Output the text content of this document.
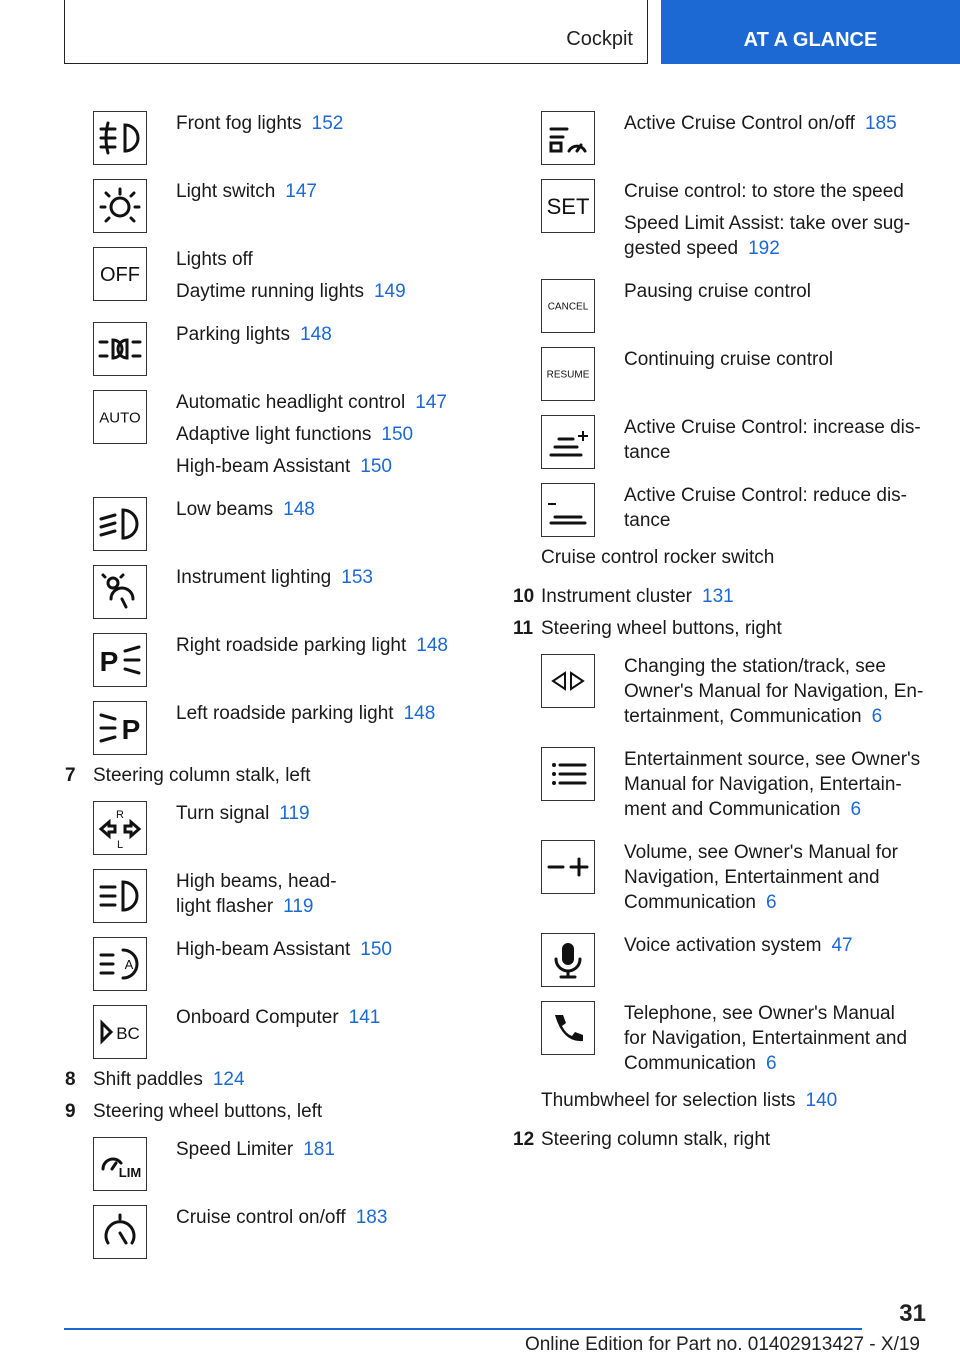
Cockpit	AT A GLANCE
Front fog lights 152
Light switch 147
OFF
Lights off
Daytime running lights 149
Parking lights 148
AUTO
Automatic headlight control 147
Adaptive light functions 150
High-beam Assistant 150
Low beams 148
Instrument lighting 153
P
Right roadside parking light 148
P
Left roadside parking light 148
7 Steering column stalk, left
R
L
Turn signal 119
High beams, head-
light flasher 119
A
High-beam Assistant 150
BC
Onboard Computer 141
8 Shift paddles 124
9 Steering wheel buttons, left
LIM
Speed Limiter 181
Cruise control on/off 183
Active Cruise Control on/off 185
SET
Cruise control: to store the speed
Speed Limit Assist: take over sug-
gested speed 192
CANCEL
Pausing cruise control
RESUME
Continuing cruise control
Active Cruise Control: increase dis-
tance
Active Cruise Control: reduce dis-
tance
Cruise control rocker switch
10 Instrument cluster 131
11 Steering wheel buttons, right
Changing the station/track, see
Owner's Manual for Navigation, En-
tertainment, Communication 6
Entertainment source, see Owner's
Manual for Navigation, Entertain-
ment and Communication 6
Volume, see Owner's Manual for
Navigation, Entertainment and
Communication 6
Voice activation system 47
Telephone, see Owner's Manual
for Navigation, Entertainment and
Communication 6
Thumbwheel for selection lists 140
12 Steering column stalk, right
31
Online Edition for Part no. 01402913427 - X/19
